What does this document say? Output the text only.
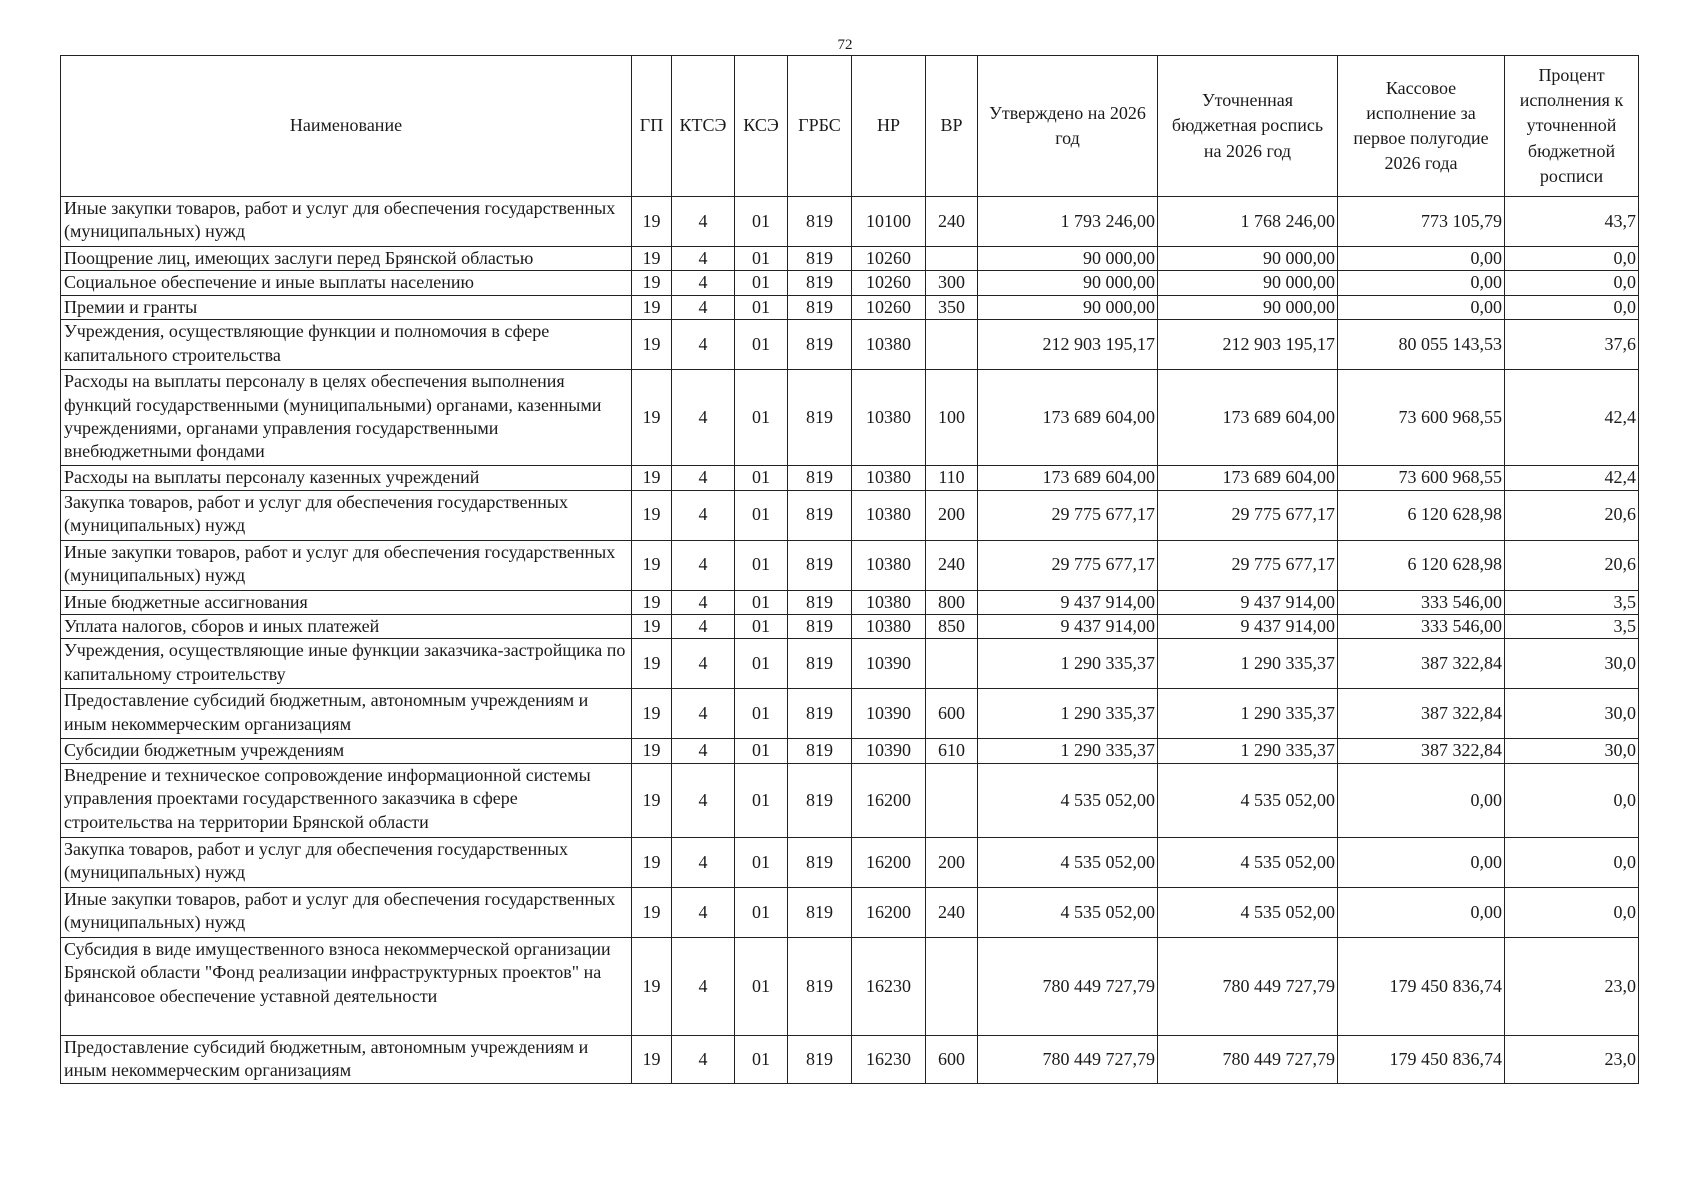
72
Наименование	ГП	КТСЭ	КСЭ	ГРБС	НР	ВР	Утверждено на 2026 год	Уточненная бюджетная роспись на 2026 год	Кассовое исполнение за первое полугодие 2026 года	Процент исполнения к уточненной бюджетной росписи
Иные закупки товаров, работ и услуг для обеспечения государственных (муниципальных) нужд	19	4	01	819	10100	240	1 793 246,00	1 768 246,00	773 105,79	43,7
Поощрение лиц, имеющих заслуги перед Брянской областью	19	4	01	819	10260		90 000,00	90 000,00	0,00	0,0
Социальное обеспечение и иные выплаты населению	19	4	01	819	10260	300	90 000,00	90 000,00	0,00	0,0
Премии и гранты	19	4	01	819	10260	350	90 000,00	90 000,00	0,00	0,0
Учреждения, осуществляющие функции и полномочия в сфере капитального строительства	19	4	01	819	10380		212 903 195,17	212 903 195,17	80 055 143,53	37,6
Расходы на выплаты персоналу в целях обеспечения выполнения функций государственными (муниципальными) органами, казенными учреждениями, органами управления государственными внебюджетными фондами	19	4	01	819	10380	100	173 689 604,00	173 689 604,00	73 600 968,55	42,4
Расходы на выплаты персоналу казенных учреждений	19	4	01	819	10380	110	173 689 604,00	173 689 604,00	73 600 968,55	42,4
Закупка товаров, работ и услуг для обеспечения государственных (муниципальных) нужд	19	4	01	819	10380	200	29 775 677,17	29 775 677,17	6 120 628,98	20,6
Иные закупки товаров, работ и услуг для обеспечения государственных (муниципальных) нужд	19	4	01	819	10380	240	29 775 677,17	29 775 677,17	6 120 628,98	20,6
Иные бюджетные ассигнования	19	4	01	819	10380	800	9 437 914,00	9 437 914,00	333 546,00	3,5
Уплата налогов, сборов и иных платежей	19	4	01	819	10380	850	9 437 914,00	9 437 914,00	333 546,00	3,5
Учреждения, осуществляющие иные функции заказчика-застройщика по капитальному строительству	19	4	01	819	10390		1 290 335,37	1 290 335,37	387 322,84	30,0
Предоставление субсидий бюджетным, автономным учреждениям и иным некоммерческим организациям	19	4	01	819	10390	600	1 290 335,37	1 290 335,37	387 322,84	30,0
Субсидии бюджетным учреждениям	19	4	01	819	10390	610	1 290 335,37	1 290 335,37	387 322,84	30,0
Внедрение и техническое сопровождение информационной системы управления проектами государственного заказчика в сфере строительства на территории Брянской области	19	4	01	819	16200		4 535 052,00	4 535 052,00	0,00	0,0
Закупка товаров, работ и услуг для обеспечения государственных (муниципальных) нужд	19	4	01	819	16200	200	4 535 052,00	4 535 052,00	0,00	0,0
Иные закупки товаров, работ и услуг для обеспечения государственных (муниципальных) нужд	19	4	01	819	16200	240	4 535 052,00	4 535 052,00	0,00	0,0
Субсидия в виде имущественного взноса некоммерческой организации Брянской области "Фонд реализации инфраструктурных проектов" на финансовое обеспечение уставной деятельности	19	4	01	819	16230		780 449 727,79	780 449 727,79	179 450 836,74	23,0
Предоставление субсидий бюджетным, автономным учреждениям и иным некоммерческим организациям	19	4	01	819	16230	600	780 449 727,79	780 449 727,79	179 450 836,74	23,0
